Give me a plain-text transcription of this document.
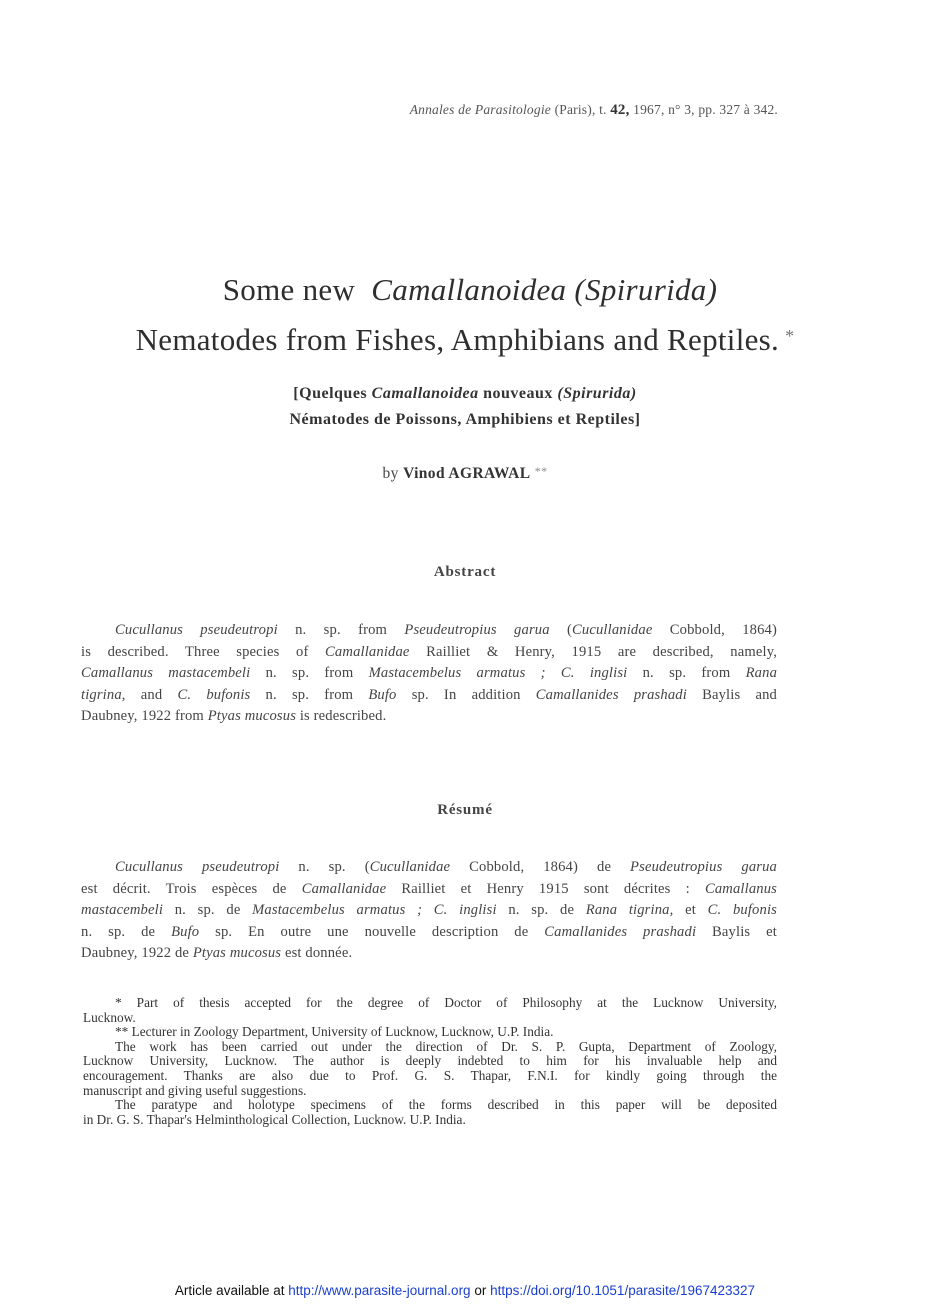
Annales de Parasitologie (Paris), t. 42, 1967, n° 3, pp. 327 à 342.
Some new Camallanoidea (Spirurida)
Nematodes from Fishes, Amphibians and Reptiles. *
[Quelques Camallanoidea nouveaux (Spirurida)
Nématodes de Poissons, Amphibiens et Reptiles]
by Vinod AGRAWAL **
Abstract
Cucullanus pseudeutropi n. sp. from Pseudeutropius garua (Cucullanidae Cobbold, 1864)
is described. Three species of Camallanidae Railliet & Henry, 1915 are described, namely,
Camallanus mastacembeli n. sp. from Mastacembelus armatus ; C. inglisi n. sp. from Rana
tigrina, and C. bufonis n. sp. from Bufo sp. In addition Camallanides prashadi Baylis and
Daubney, 1922 from Ptyas mucosus is redescribed.
Résumé
Cucullanus pseudeutropi n. sp. (Cucullanidae Cobbold, 1864) de Pseudeutropius garua
est décrit. Trois espèces de Camallanidae Railliet et Henry 1915 sont décrites : Camallanus
mastacembeli n. sp. de Mastacembelus armatus ; C. inglisi n. sp. de Rana tigrina, et C. bufonis
n. sp. de Bufo sp. En outre une nouvelle description de Camallanides prashadi Baylis et
Daubney, 1922 de Ptyas mucosus est donnée.
* Part of thesis accepted for the degree of Doctor of Philosophy at the Lucknow University,
Lucknow.
** Lecturer in Zoology Department, University of Lucknow, Lucknow, U.P. India.
The work has been carried out under the direction of Dr. S. P. Gupta, Department of Zoology,
Lucknow University, Lucknow. The author is deeply indebted to him for his invaluable help and
encouragement. Thanks are also due to Prof. G. S. Thapar, F.N.I. for kindly going through the
manuscript and giving useful suggestions.
The paratype and holotype specimens of the forms described in this paper will be deposited
in Dr. G. S. Thapar's Helminthological Collection, Lucknow. U.P. India.
Article available at http://www.parasite-journal.org or https://doi.org/10.1051/parasite/1967423327
